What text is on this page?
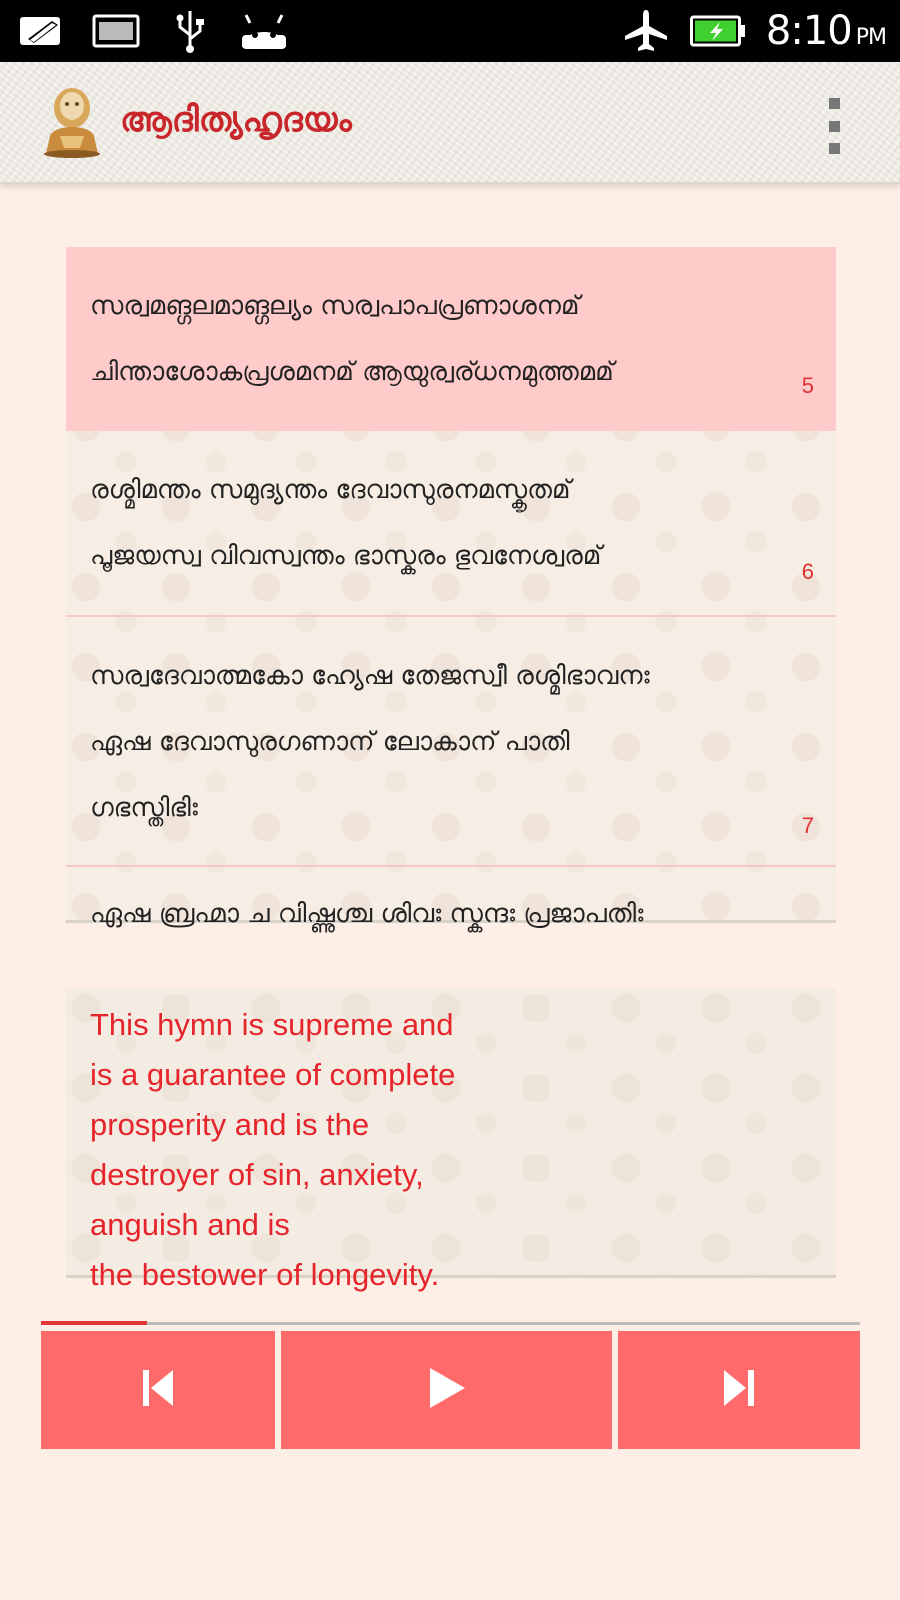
8:10 PM
ആദിത്യഹൃദയം
സര്വമങ്ഗലമാങ്ഗല്യം സര്വപാപപ്രണാശനമ്
ചിന്താശോകപ്രശമനമ് ആയുര്വര്ധനമുത്തമമ്	5
രശ്മിമന്തം സമുദ്യന്തം ദേവാസുരനമസ്കൃതമ്
പൂജയസ്വ വിവസ്വന്തം ഭാസ്കരം ഭുവനേശ്വരമ്
6
സര്വദേവാത്മകോ ഹ്യേഷ തേജസ്വീ രശ്മിഭാവനഃ
ഏഷ ദേവാസുരഗണാന് ലോകാന് പാതി
ഗഭസ്തിഭിഃ
7
ഏഷ ബ്രഹ്മാ ച വിഷ്ണുശ്ച ശിവഃ സ്കന്ദഃ പ്രജാപതിഃ
This hymn is supreme and
is a guarantee of complete
prosperity and is the
destroyer of sin, anxiety,
anguish and is
the bestower of longevity.
